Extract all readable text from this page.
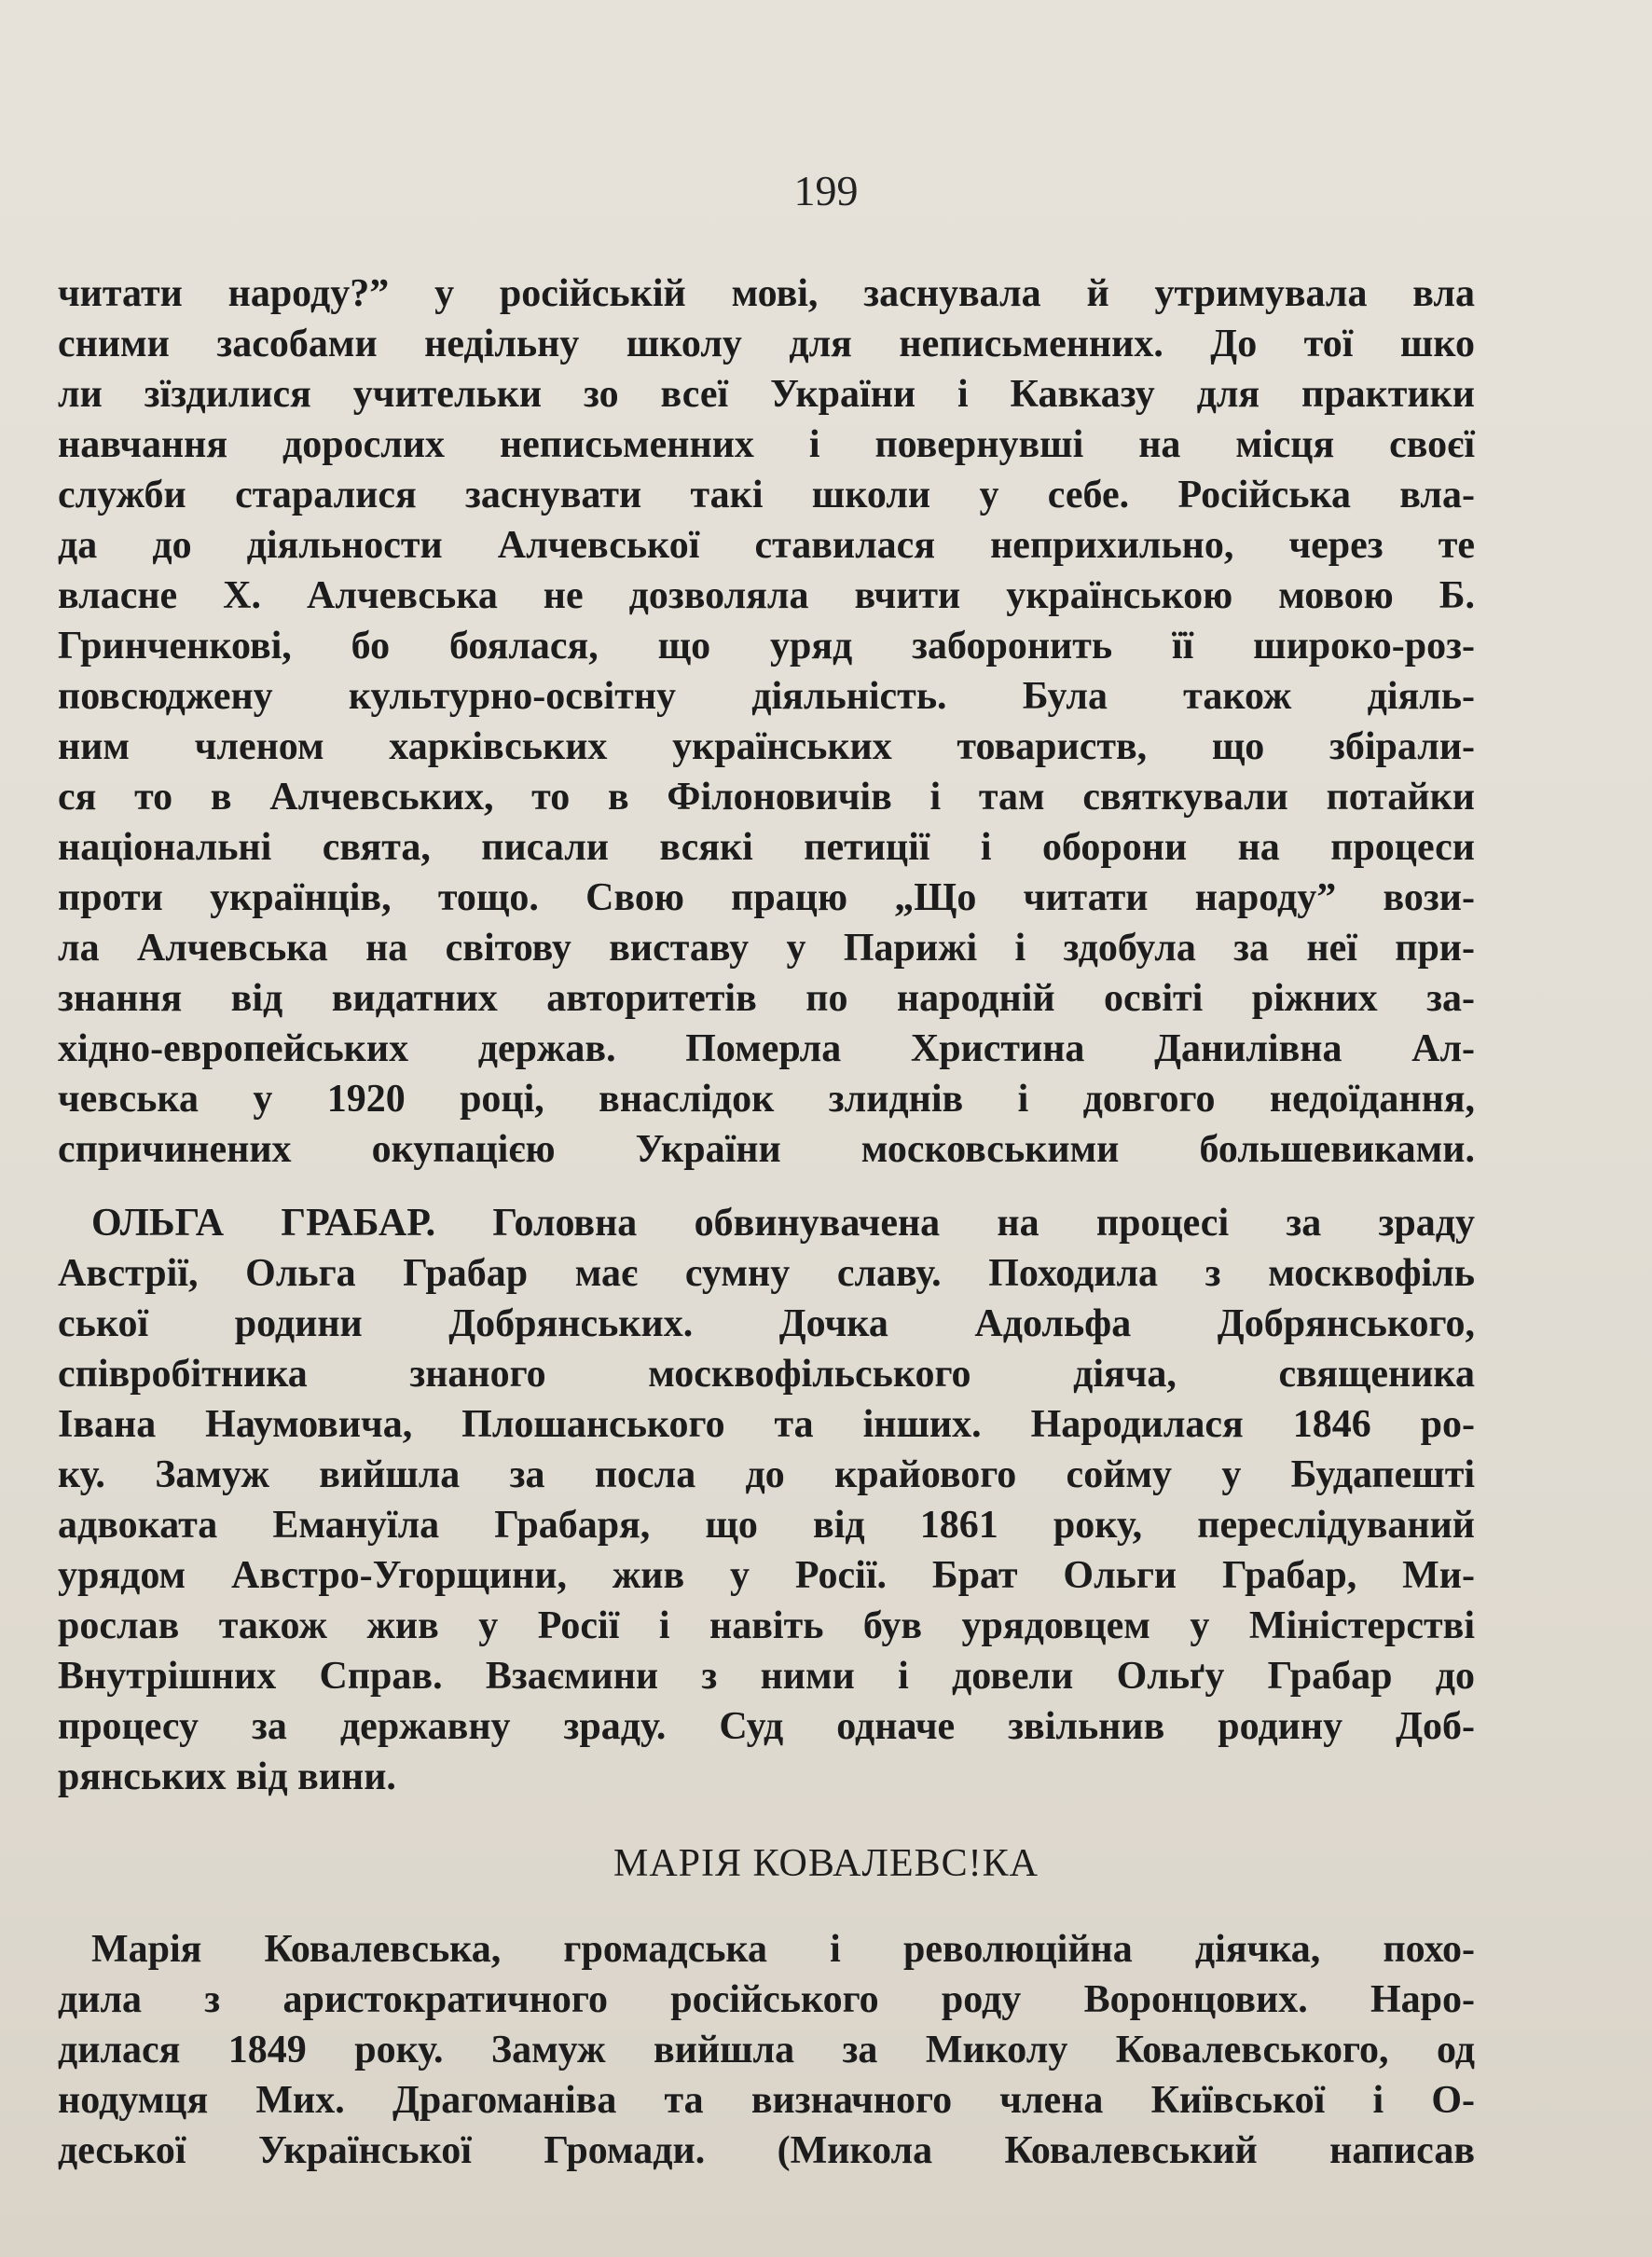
199
читати народу?” у російській мові, заснувала й утримувала вла
сними засобами недільну школу для неписьменних. До тої шко
ли зїздилися учительки зо всеї України і Кавказу для практики
навчання дорослих неписьменних і повернувші на місця своєї
служби старалися заснувати такі школи у себе. Російська вла-
да до діяльности Алчевської ставилася неприхильно, через те
власне Х. Алчевська не дозволяла вчити українською мовою Б.
Гринченкові, бо боялася, що уряд заборонить її широко-роз-
повсюджену культурно-освітну діяльність. Була також діяль-
ним членом харківських українських товариств, що збірали-
ся то в Алчевських, то в Філоновичів і там святкували потайки
національні свята, писали всякі петиції і оборони на процеси
проти українців, тощо. Свою працю „Що читати народу” вози-
ла Алчевська на світову виставу у Парижі і здобула за неї при-
знання від видатних авторитетів по народній освіті ріжних за-
хідно-европейських держав. Померла Христина Данилівна Ал-
чевська у 1920 році, внаслідок злиднів і довгого недоїдання,
спричинених окупацією України московськими большевиками.
ОЛЬГА ГРАБАР. Головна обвинувачена на процесі за зраду
Австрії, Ольга Грабар має сумну славу. Походила з москвофіль
ської родини Добрянських. Дочка Адольфа Добрянського,
співробітника знаного москвофільського діяча, священика
Івана Наумовича, Плошанського та інших. Народилася 1846 ро-
ку. Замуж вийшла за посла до крайового сойму у Будапешті
адвоката Емануїла Грабаря, що від 1861 року, переслідуваний
урядом Австро-Угорщини, жив у Росії. Брат Ольги Грабар, Ми-
рослав також жив у Росії і навіть був урядовцем у Міністерстві
Внутрішних Справ. Взаємини з ними і довели Ольґу Грабар до
процесу за державну зраду. Суд одначе звільнив родину Доб-
рянських від вини.
МАРІЯ КОВАЛЕВС!КА
Марія Ковалевська, громадська і революційна діячка, похо-
дила з аристократичного російського роду Воронцових. Наро-
дилася 1849 року. Замуж вийшла за Миколу Ковалевського, од
нодумця Мих. Драгоманіва та визначного члена Київської і О-
деської Української Громади. (Микола Ковалевський написав
